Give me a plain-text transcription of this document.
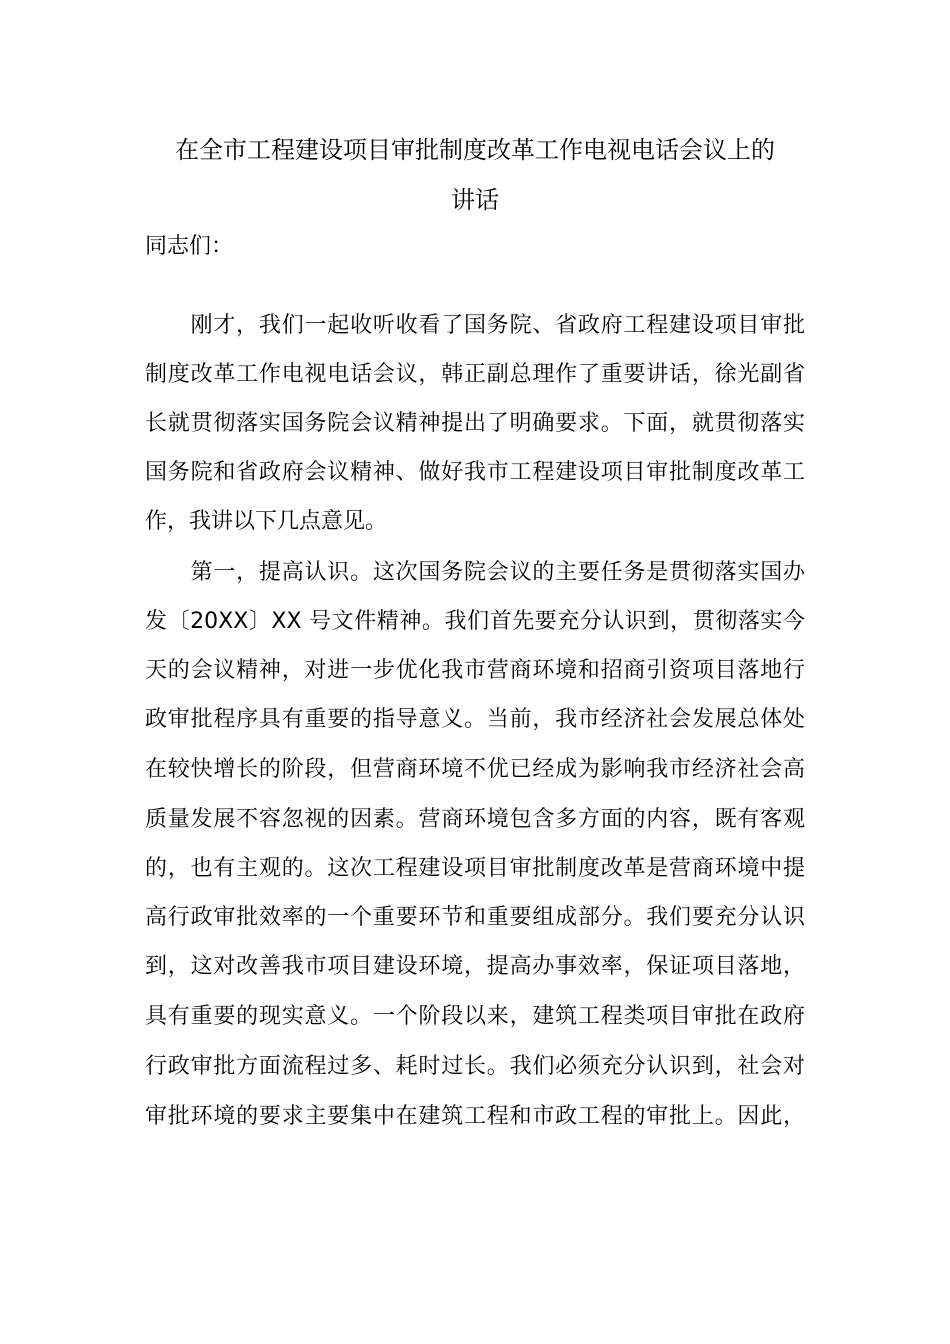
在全市工程建设项目审批制度改革工作电视电话会议上的
讲话
同志们：
　　刚才，我们一起收听收看了国务院、省政府工程建设项目审批
制度改革工作电视电话会议，韩正副总理作了重要讲话，徐光副省
长就贯彻落实国务院会议精神提出了明确要求。下面，就贯彻落实
国务院和省政府会议精神、做好我市工程建设项目审批制度改革工
作，我讲以下几点意见。
　　第一，提高认识。这次国务院会议的主要任务是贯彻落实国办
发〔20XX〕XX 号文件精神。我们首先要充分认识到，贯彻落实今
天的会议精神，对进一步优化我市营商环境和招商引资项目落地行
政审批程序具有重要的指导意义。当前，我市经济社会发展总体处
在较快增长的阶段，但营商环境不优已经成为影响我市经济社会高
质量发展不容忽视的因素。营商环境包含多方面的内容，既有客观
的，也有主观的。这次工程建设项目审批制度改革是营商环境中提
高行政审批效率的一个重要环节和重要组成部分。我们要充分认识
到，这对改善我市项目建设环境，提高办事效率，保证项目落地，
具有重要的现实意义。一个阶段以来，建筑工程类项目审批在政府
行政审批方面流程过多、耗时过长。我们必须充分认识到，社会对
审批环境的要求主要集中在建筑工程和市政工程的审批上。因此，
